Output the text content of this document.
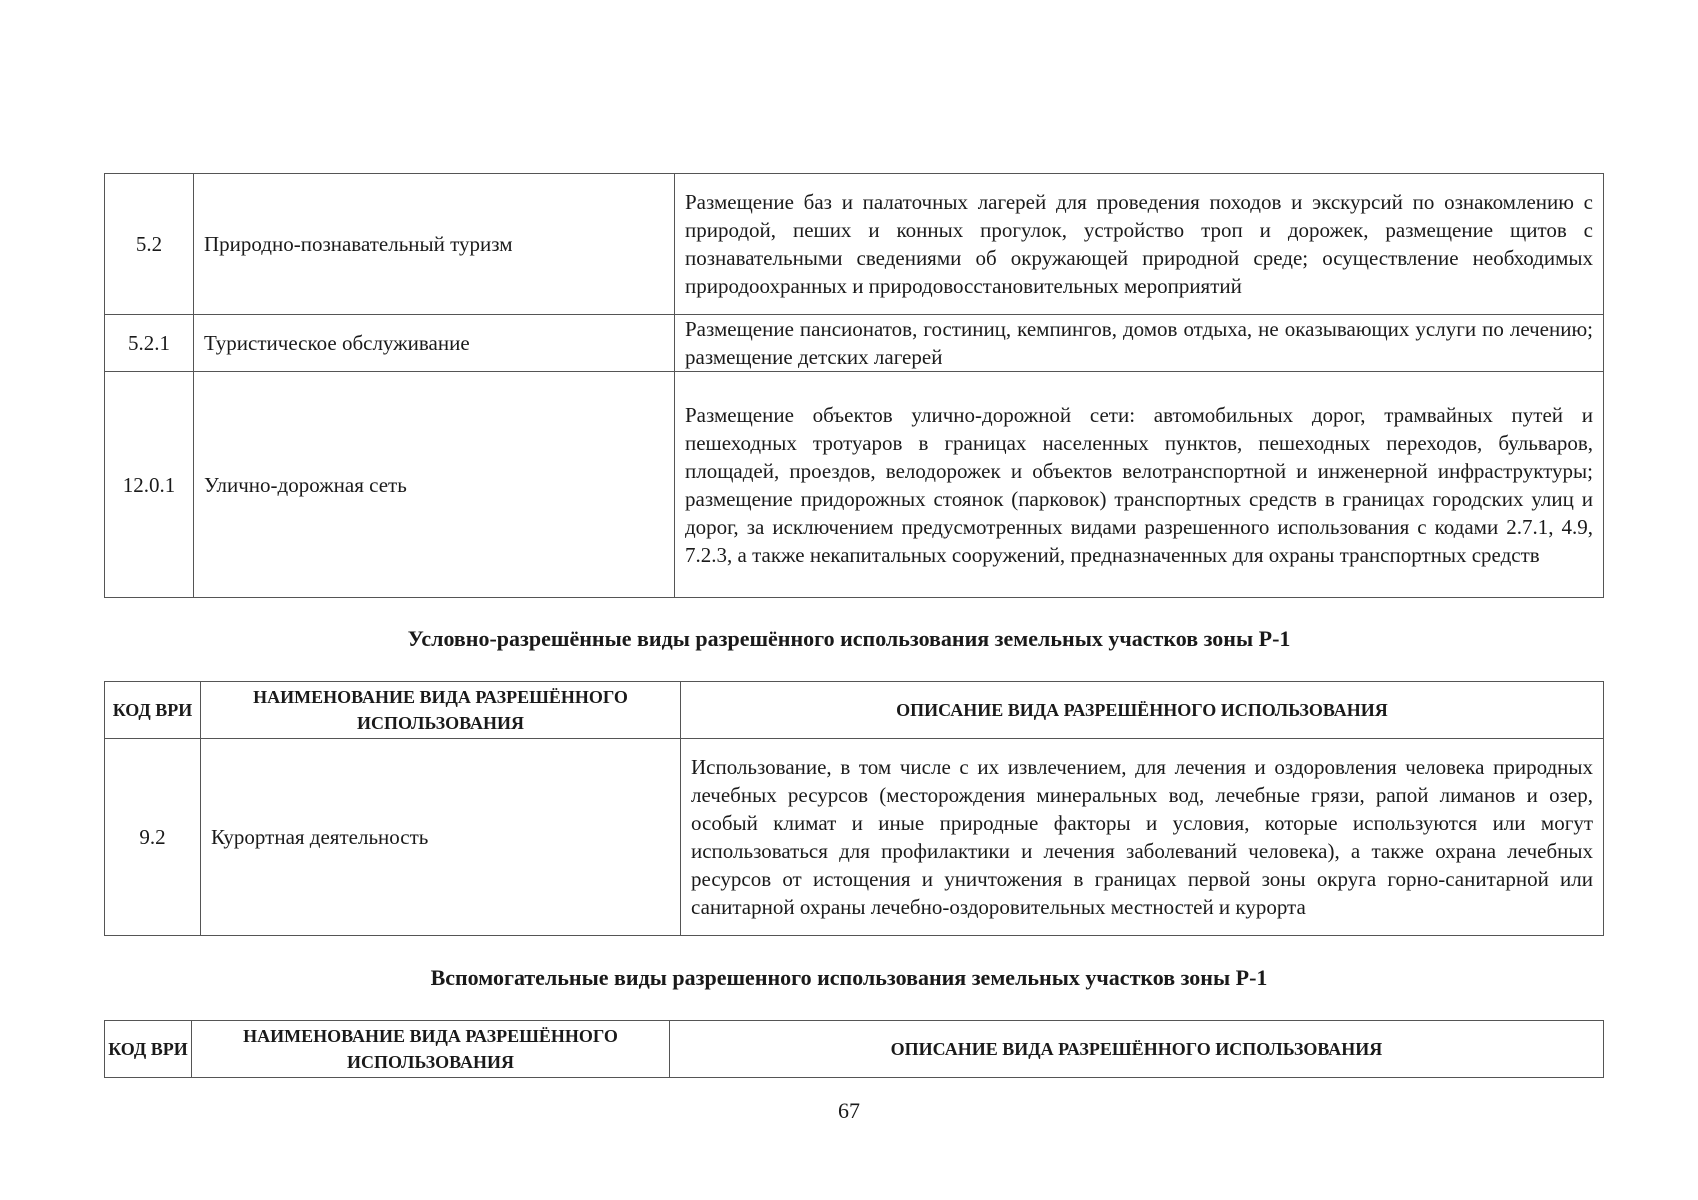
5.2	Природно-познавательный туризм	Размещение баз и палаточных лагерей для проведения походов и экскурсий по ознакомлению с природой, пеших и конных прогулок, устройство троп и дорожек, размещение щитов с познавательными сведениями об окружающей природной среде; осуществление необходимых природоохранных и природовосстановительных мероприятий
5.2.1	Туристическое обслуживание	Размещение пансионатов, гостиниц, кемпингов, домов отдыха, не оказывающих услуги по лечению; размещение детских лагерей
12.0.1	Улично-дорожная сеть	Размещение объектов улично-дорожной сети: автомобильных дорог, трамвайных путей и пешеходных тротуаров в границах населенных пунктов, пешеходных переходов, бульваров, площадей, проездов, велодорожек и объектов велотранспортной и инженерной инфраструктуры; размещение придорожных стоянок (парковок) транспортных средств в границах городских улиц и дорог, за исключением предусмотренных видами разрешенного использования с кодами 2.7.1, 4.9, 7.2.3, а также некапитальных сооружений, предназначенных для охраны транспортных средств
Условно-разрешённые виды разрешённого использования земельных участков зоны Р-1
КОД ВРИ	НАИМЕНОВАНИЕ ВИДА РАЗРЕШЁННОГО ИСПОЛЬЗОВАНИЯ	ОПИСАНИЕ ВИДА РАЗРЕШЁННОГО ИСПОЛЬЗОВАНИЯ
9.2	Курортная деятельность	Использование, в том числе с их извлечением, для лечения и оздоровления человека природных лечебных ресурсов (месторождения минеральных вод, лечебные грязи, рапой лиманов и озер, особый климат и иные природные факторы и условия, которые используются или могут использоваться для профилактики и лечения заболеваний человека), а также охрана лечебных ресурсов от истощения и уничтожения в границах первой зоны округа горно-санитарной или санитарной охраны лечебно-оздоровительных местностей и курорта
Вспомогательные виды разрешенного использования земельных участков зоны Р-1
КОД ВРИ	НАИМЕНОВАНИЕ ВИДА РАЗРЕШЁННОГО ИСПОЛЬЗОВАНИЯ	ОПИСАНИЕ ВИДА РАЗРЕШЁННОГО ИСПОЛЬЗОВАНИЯ
67
